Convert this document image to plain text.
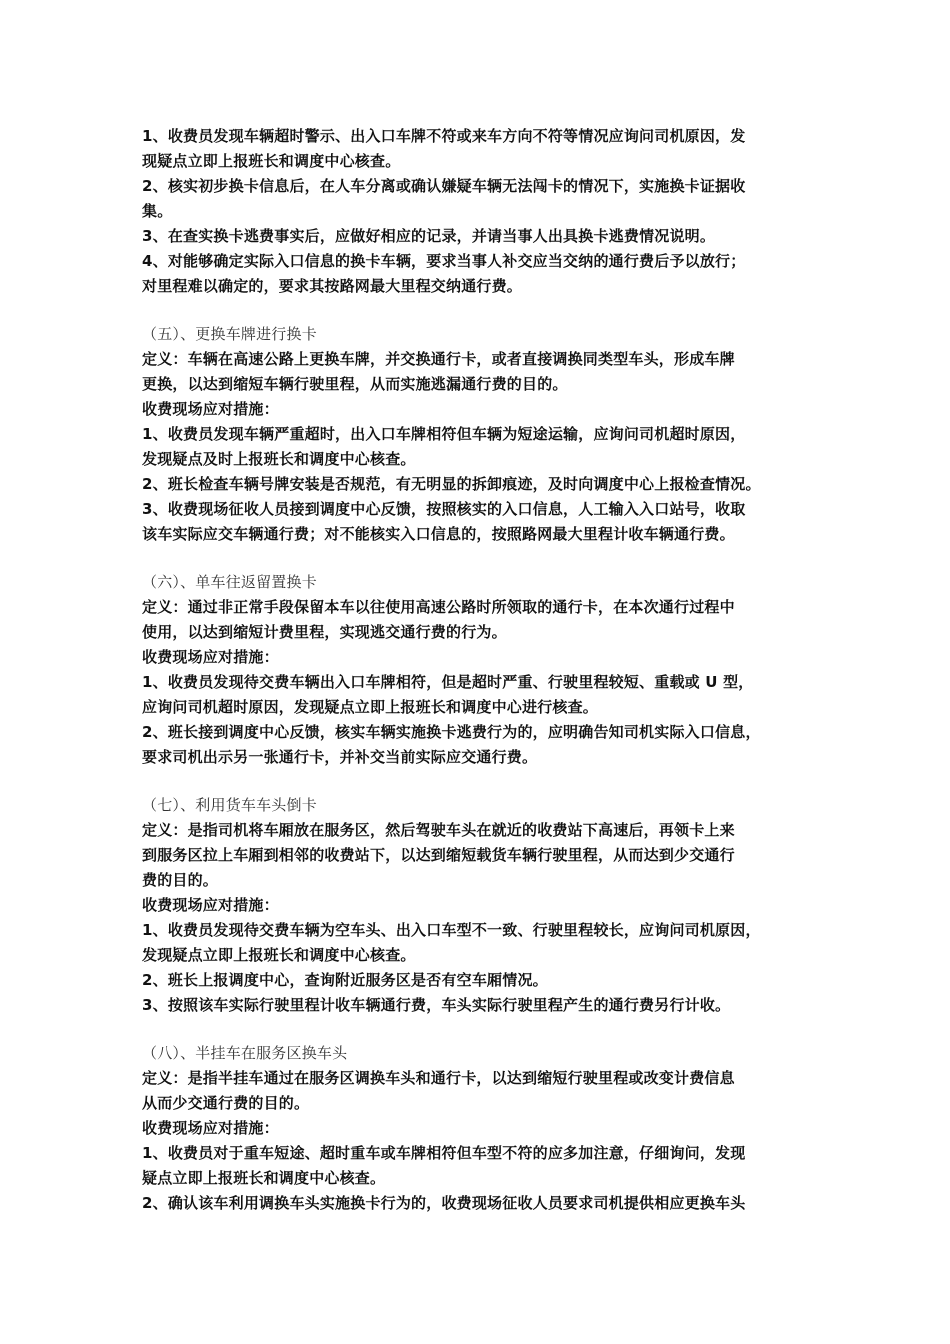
1、收费员发现车辆超时警示、出入口车牌不符或来车方向不符等情况应询问司机原因，发
现疑点立即上报班长和调度中心核查。
2、核实初步换卡信息后，在人车分离或确认嫌疑车辆无法闯卡的情况下，实施换卡证据收
集。
3、在查实换卡逃费事实后，应做好相应的记录，并请当事人出具换卡逃费情况说明。
4、对能够确定实际入口信息的换卡车辆，要求当事人补交应当交纳的通行费后予以放行；
对里程难以确定的，要求其按路网最大里程交纳通行费。
（五）、更换车牌进行换卡
定义：车辆在高速公路上更换车牌，并交换通行卡，或者直接调换同类型车头，形成车牌
更换，以达到缩短车辆行驶里程，从而实施逃漏通行费的目的。
收费现场应对措施：
1、收费员发现车辆严重超时，出入口车牌相符但车辆为短途运输，应询问司机超时原因，
发现疑点及时上报班长和调度中心核查。
2、班长检查车辆号牌安装是否规范，有无明显的拆卸痕迹，及时向调度中心上报检查情况。
3、收费现场征收人员接到调度中心反馈，按照核实的入口信息，人工输入入口站号，收取
该车实际应交车辆通行费；对不能核实入口信息的，按照路网最大里程计收车辆通行费。
（六）、单车往返留置换卡
定义：通过非正常手段保留本车以往使用高速公路时所领取的通行卡，在本次通行过程中
使用，以达到缩短计费里程，实现逃交通行费的行为。
收费现场应对措施：
1、收费员发现待交费车辆出入口车牌相符，但是超时严重、行驶里程较短、重载或 U 型，
应询问司机超时原因，发现疑点立即上报班长和调度中心进行核查。
2、班长接到调度中心反馈，核实车辆实施换卡逃费行为的，应明确告知司机实际入口信息，
要求司机出示另一张通行卡，并补交当前实际应交通行费。
（七）、利用货车车头倒卡
定义：是指司机将车厢放在服务区，然后驾驶车头在就近的收费站下高速后，再领卡上来
到服务区拉上车厢到相邻的收费站下，以达到缩短载货车辆行驶里程，从而达到少交通行
费的目的。
收费现场应对措施：
1、收费员发现待交费车辆为空车头、出入口车型不一致、行驶里程较长，应询问司机原因，
发现疑点立即上报班长和调度中心核查。
2、班长上报调度中心，查询附近服务区是否有空车厢情况。
3、按照该车实际行驶里程计收车辆通行费，车头实际行驶里程产生的通行费另行计收。
（八）、半挂车在服务区换车头
定义：是指半挂车通过在服务区调换车头和通行卡，以达到缩短行驶里程或改变计费信息
从而少交通行费的目的。
收费现场应对措施：
1、收费员对于重车短途、超时重车或车牌相符但车型不符的应多加注意，仔细询问，发现
疑点立即上报班长和调度中心核查。
2、确认该车利用调换车头实施换卡行为的，收费现场征收人员要求司机提供相应更换车头
